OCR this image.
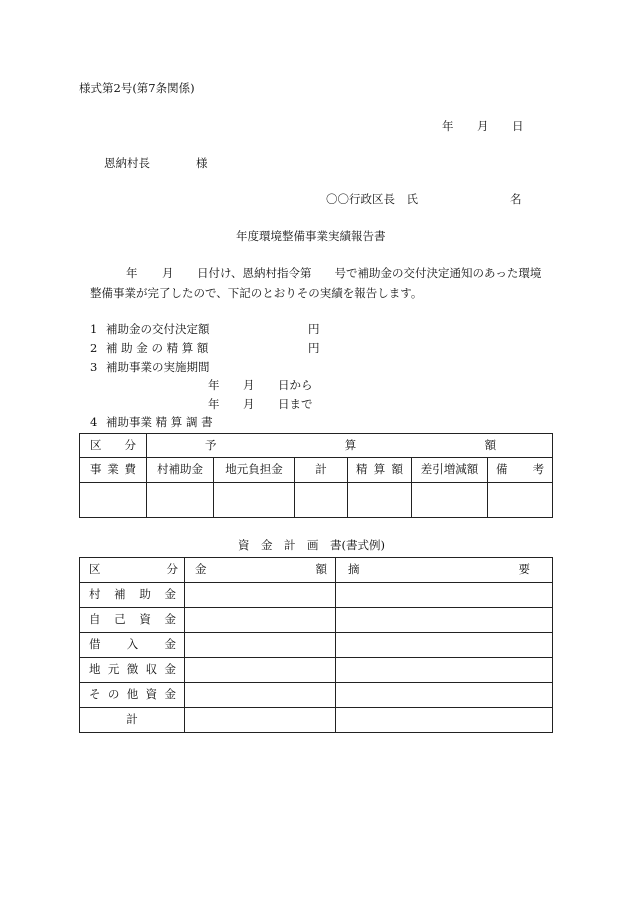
様式第2号(第7条関係)
年 月 日
恩納村長	様
〇〇行政区長　氏	名
年度環境整備事業実績報告書
年 月 日付け、恩納村指令第　　号で補助金の交付決定通知のあった環境
整備事業が完了したので、下記のとおりその実績を報告します。
1 補助金の交付決定額	円
2 補 助 金 の 精 算 額	円
3 補助事業の実施期間
年 月 日から
年 月 日まで
4 補助事業 精 算 調 書
区 分	予 算 額					

事 業 費	村補助金	地元負担金	計	精 算 額	差引増減額	備 考

資　金　計　画　書(書式例)
区 分	金 額	摘 要

村 補 助 金		

自 己 資 金		

借 入 金		

地 元 徴 収 金		

そ の 他 資 金		

計		
